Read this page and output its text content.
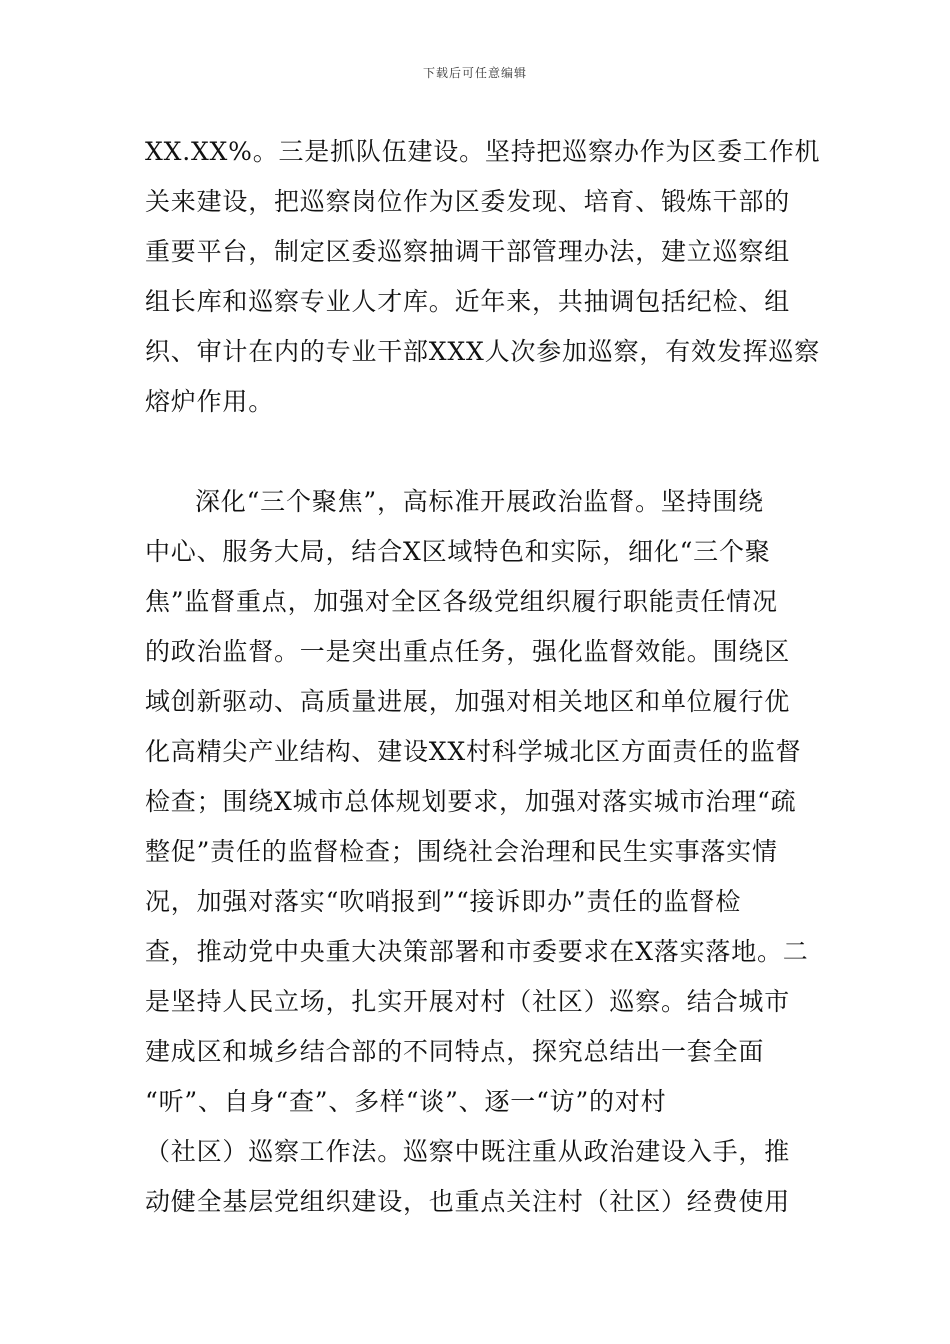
下载后可任意编辑
XX.XX%。三是抓队伍建设。坚持把巡察办作为区委工作机
关来建设，把巡察岗位作为区委发现、培育、锻炼干部的
重要平台，制定区委巡察抽调干部管理办法，建立巡察组
组长库和巡察专业人才库。近年来，共抽调包括纪检、组
织、审计在内的专业干部XXX人次参加巡察，有效发挥巡察
熔炉作用。
深化“三个聚焦”，高标准开展政治监督。坚持围绕
中心、服务大局，结合X区域特色和实际，细化“三个聚
焦”监督重点，加强对全区各级党组织履行职能责任情况
的政治监督。一是突出重点任务，强化监督效能。围绕区
域创新驱动、高质量进展，加强对相关地区和单位履行优
化高精尖产业结构、建设XX村科学城北区方面责任的监督
检查；围绕X城市总体规划要求，加强对落实城市治理“疏
整促”责任的监督检查；围绕社会治理和民生实事落实情
况，加强对落实“吹哨报到”“接诉即办”责任的监督检
查，推动党中央重大决策部署和市委要求在X落实落地。二
是坚持人民立场，扎实开展对村（社区）巡察。结合城市
建成区和城乡结合部的不同特点，探究总结出一套全面
“听”、自身“查”、多样“谈”、逐一“访”的对村
（社区）巡察工作法。巡察中既注重从政治建设入手，推
动健全基层党组织建设，也重点关注村（社区）经费使用
